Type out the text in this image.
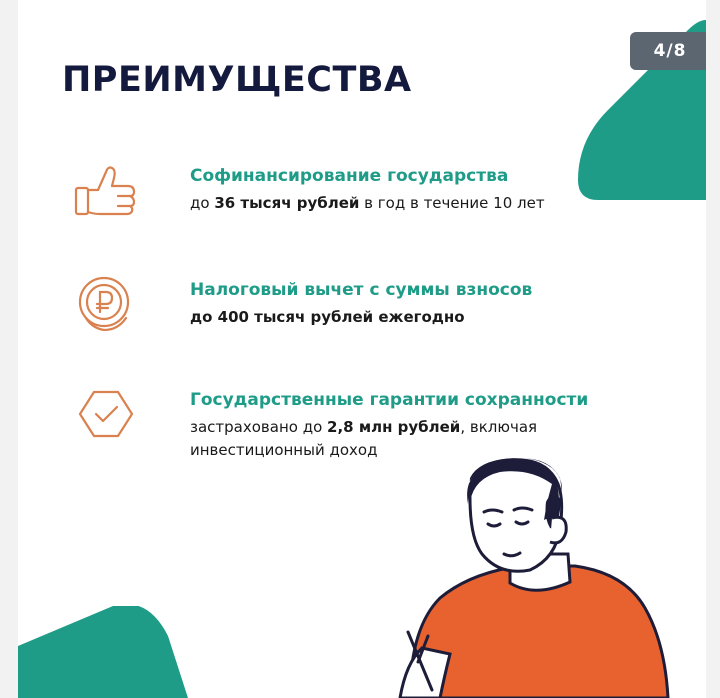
4/8
ПРЕИМУЩЕСТВА
Софинансирование государства
до 36 тысяч рублей в год в течение 10 лет
Налоговый вычет с суммы взносов
до 400 тысяч рублей ежегодно
Государственные гарантии сохранности
застраховано до 2,8 млн рублей, включая
инвестиционный доход
